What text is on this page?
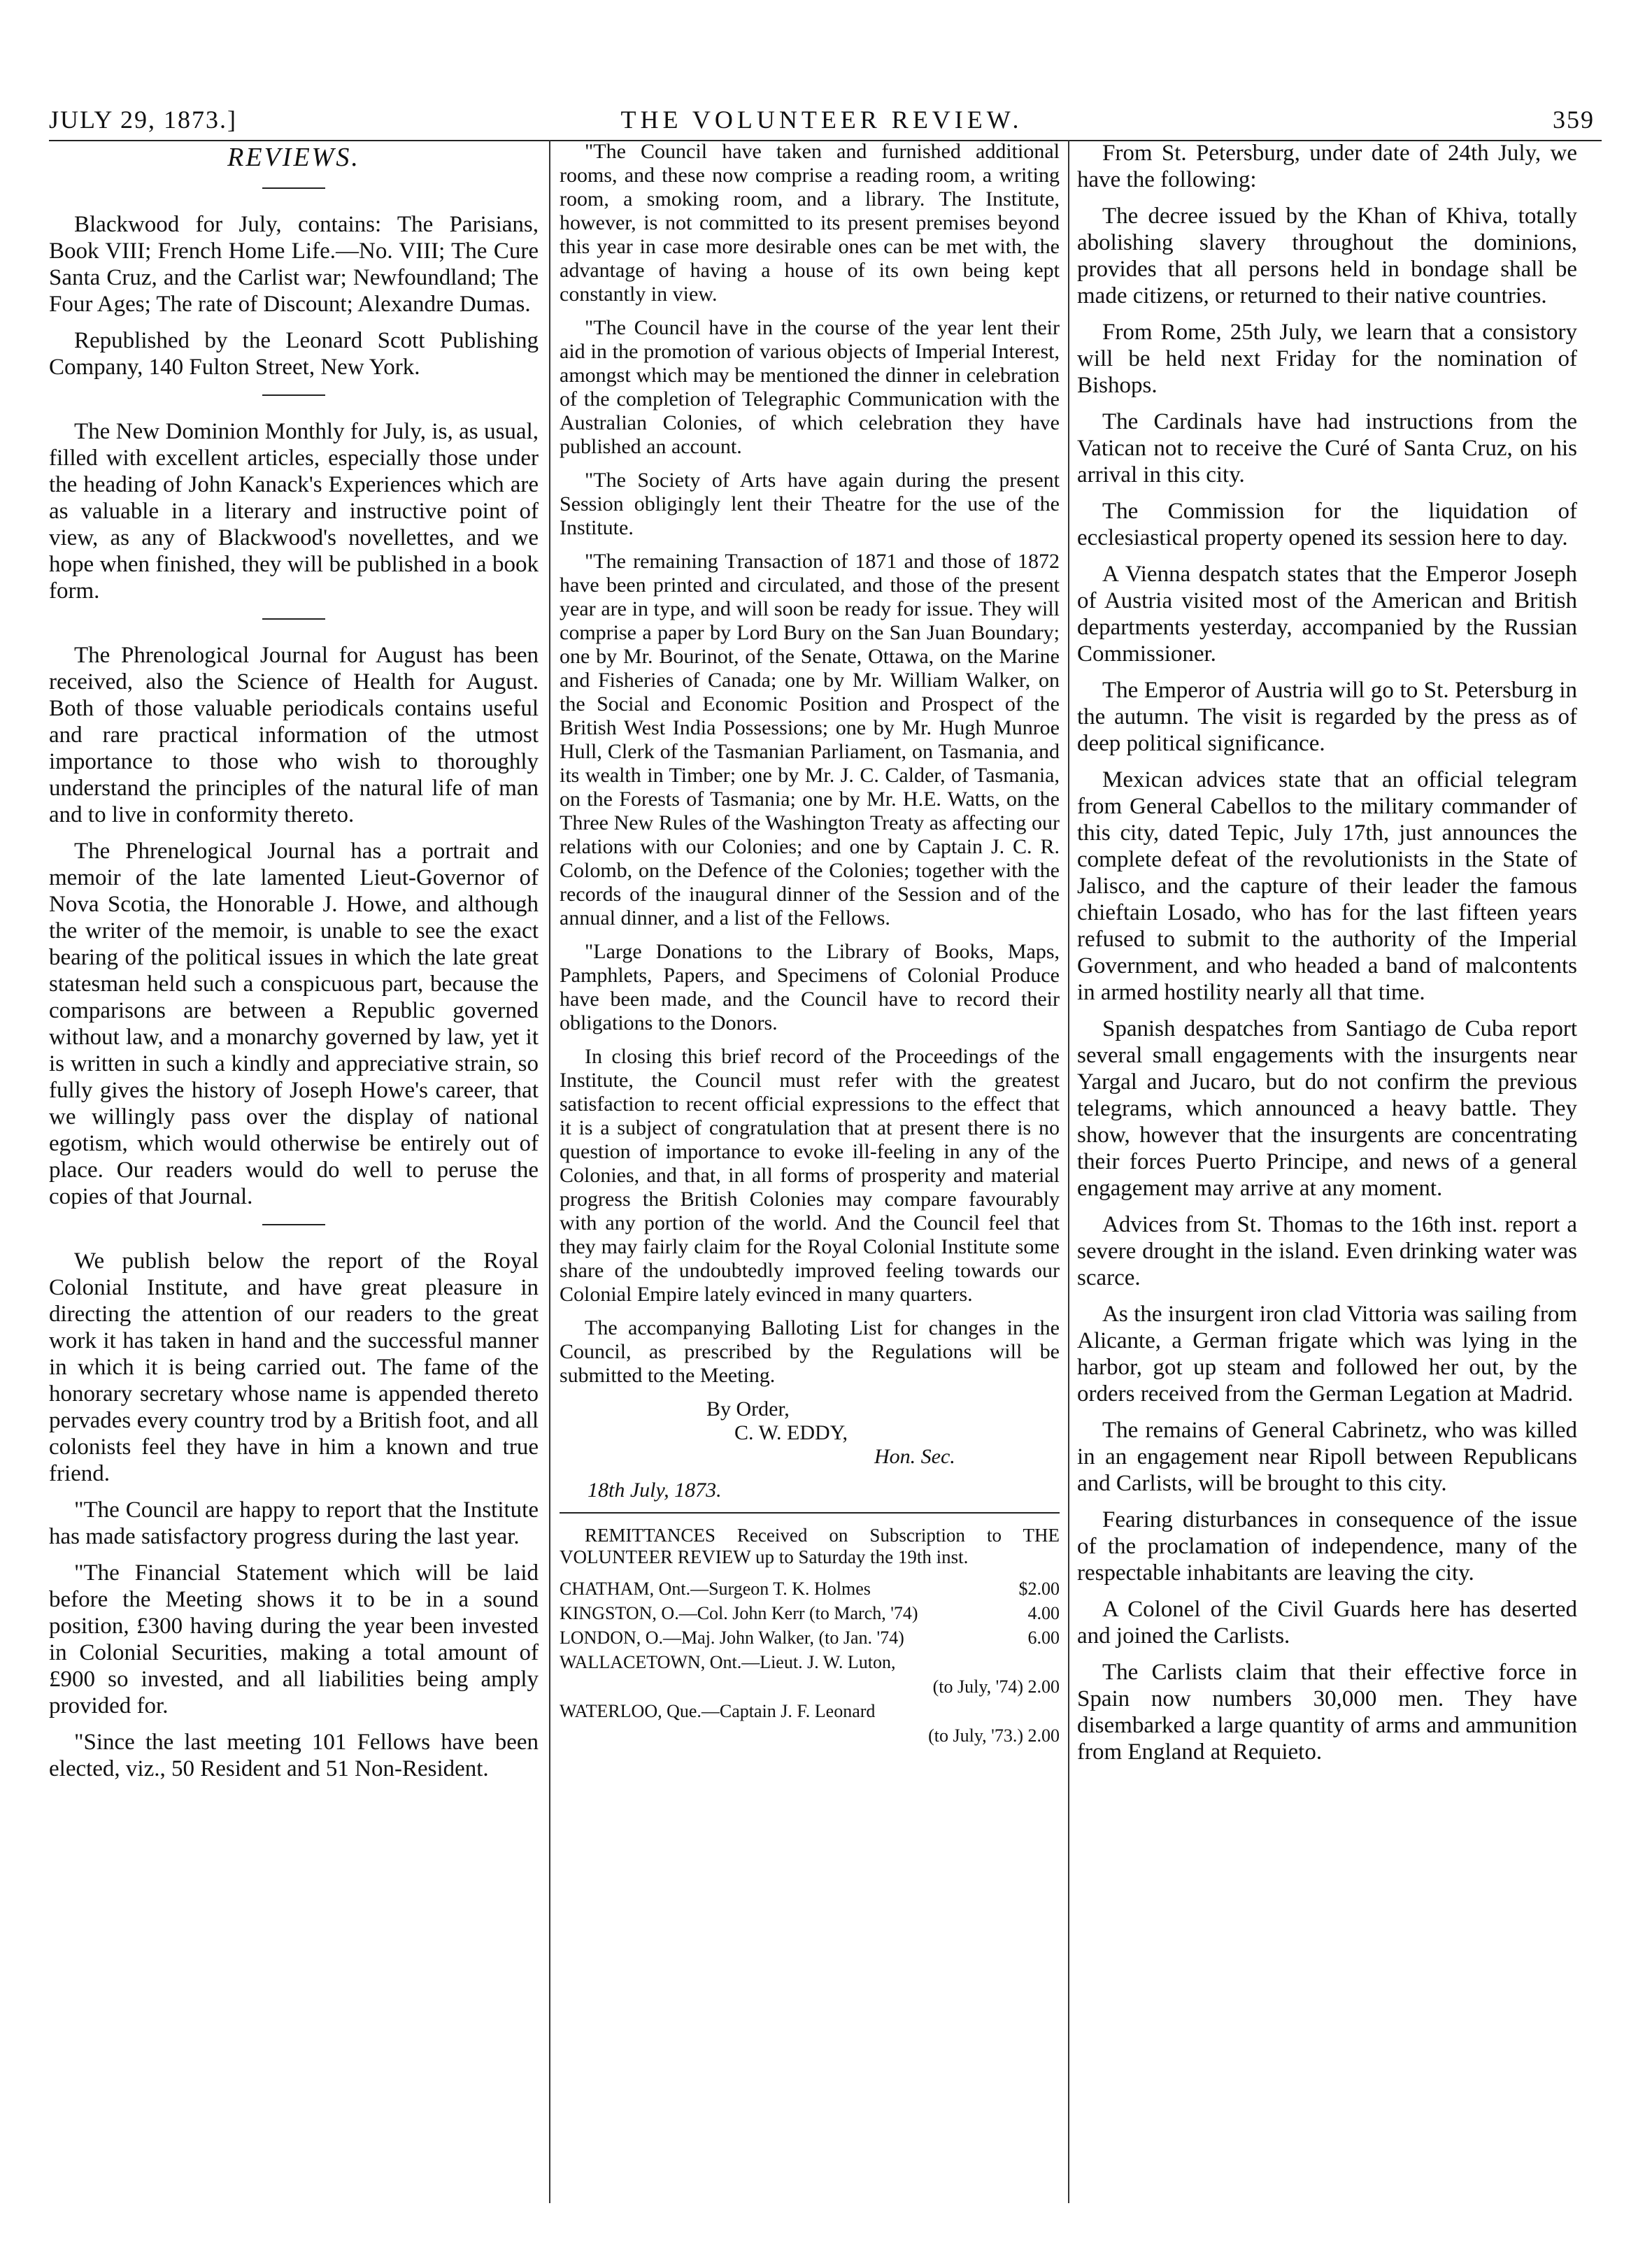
JULY 29, 1873.]	THE VOLUNTEER REVIEW.	359

REVIEWS.

Blackwood for July, contains: The Parisians, Book VIII; French Home Life.—No. VIII; The Cure Santa Cruz, and the Carlist war; Newfoundland; The Four Ages; The rate of Discount; Alexandre Dumas.

Republished by the Leonard Scott Publishing Company, 140 Fulton Street, New York.

The New Dominion Monthly for July, is, as usual, filled with excellent articles, especially those under the heading of John Kanack's Experiences which are as valuable in a literary and instructive point of view, as any of Blackwood's novellettes, and we hope when finished, they will be published in a book form.

The Phrenological Journal for August has been received, also the Science of Health for August. Both of those valuable periodicals contains useful and rare practical information of the utmost importance to those who wish to thoroughly understand the principles of the natural life of man and to live in conformity thereto.

The Phrenelogical Journal has a portrait and memoir of the late lamented Lieut-Governor of Nova Scotia, the Honorable J. Howe, and although the writer of the memoir, is unable to see the exact bearing of the political issues in which the late great statesman held such a conspicuous part, because the comparisons are between a Republic governed without law, and a monarchy governed by law, yet it is written in such a kindly and appreciative strain, so fully gives the history of Joseph Howe's career, that we willingly pass over the display of national egotism, which would otherwise be entirely out of place. Our readers would do well to peruse the copies of that Journal.

We publish below the report of the Royal Colonial Institute, and have great pleasure in directing the attention of our readers to the great work it has taken in hand and the successful manner in which it is being carried out. The fame of the honorary secretary whose name is appended thereto pervades every country trod by a British foot, and all colonists feel they have in him a known and true friend.

"The Council are happy to report that the Institute has made satisfactory progress during the last year.

"The Financial Statement which will be laid before the Meeting shows it to be in a sound position, £300 having during the year been invested in Colonial Securities, making a total amount of £900 so invested, and all liabilities being amply provided for.

"Since the last meeting 101 Fellows have been elected, viz., 50 Resident and 51 Non-Resident.

"The Council have taken and furnished additional rooms, and these now comprise a reading room, a writing room, a smoking room, and a library. The Institute, however, is not committed to its present premises beyond this year in case more desirable ones can be met with, the advantage of having a house of its own being kept constantly in view.

"The Council have in the course of the year lent their aid in the promotion of various objects of Imperial Interest, amongst which may be mentioned the dinner in celebration of the completion of Telegraphic Communication with the Australian Colonies, of which celebration they have published an account.

"The Society of Arts have again during the present Session obligingly lent their Theatre for the use of the Institute.

"The remaining Transaction of 1871 and those of 1872 have been printed and circulated, and those of the present year are in type, and will soon be ready for issue. They will comprise a paper by Lord Bury on the San Juan Boundary; one by Mr. Bourinot, of the Senate, Ottawa, on the Marine and Fisheries of Canada; one by Mr. William Walker, on the Social and Economic Position and Prospect of the British West India Possessions; one by Mr. Hugh Munroe Hull, Clerk of the Tasmanian Parliament, on Tasmania, and its wealth in Timber; one by Mr. J. C. Calder, of Tasmania, on the Forests of Tasmania; one by Mr. H.E. Watts, on the Three New Rules of the Washington Treaty as affecting our relations with our Colonies; and one by Captain J. C. R. Colomb, on the Defence of the Colonies; together with the records of the inaugural dinner of the Session and of the annual dinner, and a list of the Fellows.

"Large Donations to the Library of Books, Maps, Pamphlets, Papers, and Specimens of Colonial Produce have been made, and the Council have to record their obligations to the Donors.

In closing this brief record of the Proceedings of the Institute, the Council must refer with the greatest satisfaction to recent official expressions to the effect that it is a subject of congratulation that at present there is no question of importance to evoke ill-feeling in any of the Colonies, and that, in all forms of prosperity and material progress the British Colonies may compare favourably with any portion of the world. And the Council feel that they may fairly claim for the Royal Colonial Institute some share of the undoubtedly improved feeling towards our Colonial Empire lately evinced in many quarters.

The accompanying Balloting List for changes in the Council, as prescribed by the Regulations will be submitted to the Meeting.

By Order,

C. W. EDDY,

Hon. Sec.

18th July, 1873.

REMITTANCES Received on Subscription to THE VOLUNTEER REVIEW up to Saturday the 19th inst.

CHATHAM, Ont.—Surgeon T. K. Holmes	$2.00
KINGSTON, O.—Col. John Kerr (to March, '74)	4.00
LONDON, O.—Maj. John Walker, (to Jan. '74)	6.00
WALLACETOWN, Ont.—Lieut. J. W. Luton,
(to July, '74) 2.00
WATERLOO, Que.—Captain J. F. Leonard
(to July, '73.) 2.00

From St. Petersburg, under date of 24th July, we have the following:

The decree issued by the Khan of Khiva, totally abolishing slavery throughout the dominions, provides that all persons held in bondage shall be made citizens, or returned to their native countries.

From Rome, 25th July, we learn that a consistory will be held next Friday for the nomination of Bishops.

The Cardinals have had instructions from the Vatican not to receive the Curé of Santa Cruz, on his arrival in this city.

The Commission for the liquidation of ecclesiastical property opened its session here to day.

A Vienna despatch states that the Emperor Joseph of Austria visited most of the American and British departments yesterday, accompanied by the Russian Commissioner.

The Emperor of Austria will go to St. Petersburg in the autumn. The visit is regarded by the press as of deep political significance.

Mexican advices state that an official telegram from General Cabellos to the military commander of this city, dated Tepic, July 17th, just announces the complete defeat of the revolutionists in the State of Jalisco, and the capture of their leader the famous chieftain Losado, who has for the last fifteen years refused to submit to the authority of the Imperial Government, and who headed a band of malcontents in armed hostility nearly all that time.

Spanish despatches from Santiago de Cuba report several small engagements with the insurgents near Yargal and Jucaro, but do not confirm the previous telegrams, which announced a heavy battle. They show, however that the insurgents are concentrating their forces Puerto Principe, and news of a general engagement may arrive at any moment.

Advices from St. Thomas to the 16th inst. report a severe drought in the island. Even drinking water was scarce.

As the insurgent iron clad Vittoria was sailing from Alicante, a German frigate which was lying in the harbor, got up steam and followed her out, by the orders received from the German Legation at Madrid.

The remains of General Cabrinetz, who was killed in an engagement near Ripoll between Republicans and Carlists, will be brought to this city.

Fearing disturbances in consequence of the issue of the proclamation of independence, many of the respectable inhabitants are leaving the city.

A Colonel of the Civil Guards here has deserted and joined the Carlists.

The Carlists claim that their effective force in Spain now numbers 30,000 men. They have disembarked a large quantity of arms and ammunition from England at Requieto.
